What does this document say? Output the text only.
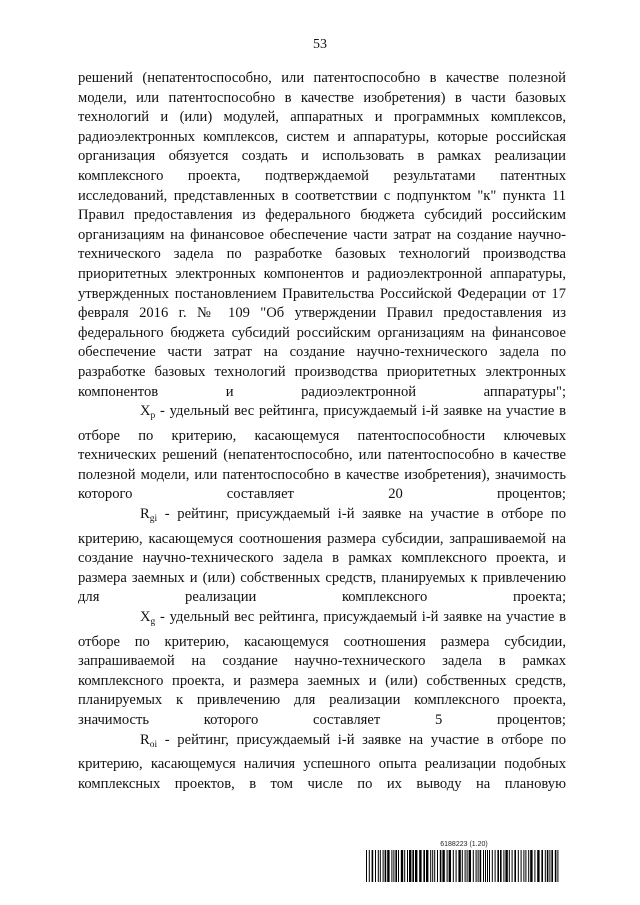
53

решений (непатентоспособно, или патентоспособно в качестве полезной модели, или патентоспособно в качестве изобретения) в части базовых технологий и (или) модулей, аппаратных и программных комплексов, радиоэлектронных комплексов, систем и аппаратуры, которые российская организация обязуется создать и использовать в рамках реализации комплексного проекта, подтверждаемой результатами патентных исследований, представленных в соответствии с подпунктом "к" пункта 11 Правил предоставления из федерального бюджета субсидий российским организациям на финансовое обеспечение части затрат на создание научно-технического задела по разработке базовых технологий производства приоритетных электронных компонентов и радиоэлектронной аппаратуры, утвержденных постановлением Правительства Российской Федерации от 17 февраля 2016 г. № 109 "Об утверждении Правил предоставления из федерального бюджета субсидий российским организациям на финансовое обеспечение части затрат на создание научно-технического задела по разработке базовых технологий производства приоритетных электронных компонентов и радиоэлектронной аппаратуры";

$X_p$ - удельный вес рейтинга, присуждаемый i-й заявке на участие в отборе по критерию, касающемуся патентоспособности ключевых технических решений (непатентоспособно, или патентоспособно в качестве полезной модели, или патентоспособно в качестве изобретения), значимость которого составляет 20 процентов;

$R_{gi}$ - рейтинг, присуждаемый i-й заявке на участие в отборе по критерию, касающемуся соотношения размера субсидии, запрашиваемой на создание научно-технического задела в рамках комплексного проекта, и размера заемных и (или) собственных средств, планируемых к привлечению для реализации комплексного проекта;

$X_g$ - удельный вес рейтинга, присуждаемый i-й заявке на участие в отборе по критерию, касающемуся соотношения размера субсидии, запрашиваемой на создание научно-технического задела в рамках комплексного проекта, и размера заемных и (или) собственных средств, планируемых к привлечению для реализации комплексного проекта, значимость которого составляет 5 процентов;

$R_{oi}$ - рейтинг, присуждаемый i-й заявке на участие в отборе по критерию, касающемуся наличия успешного опыта реализации подобных комплексных проектов, в том числе по их выводу на плановую

6188223 (1.20)
